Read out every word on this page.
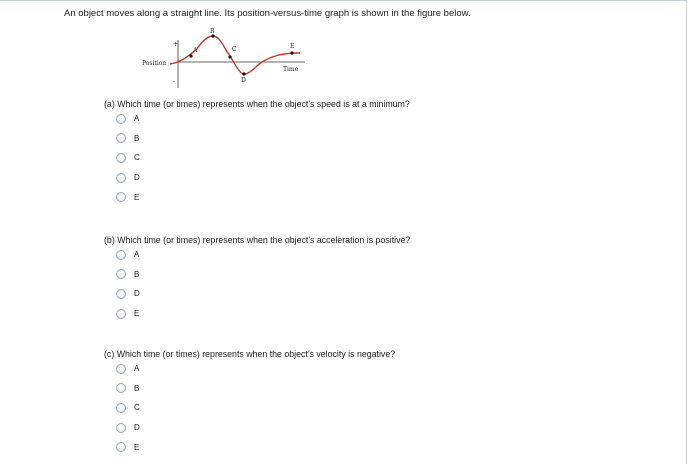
An object moves along a straight line. Its position-versus-time graph is shown in the figure below.
+
-
Position
Time
A
B
C
D
E
(a) Which time (or times) represents when the object's speed is at a minimum?
A
B
C
D
E
(b) Which time (or times) represents when the object's acceleration is positive?
A
B
D
E
(c) Which time (or times) represents when the object's velocity is negative?
A
B
C
D
E
